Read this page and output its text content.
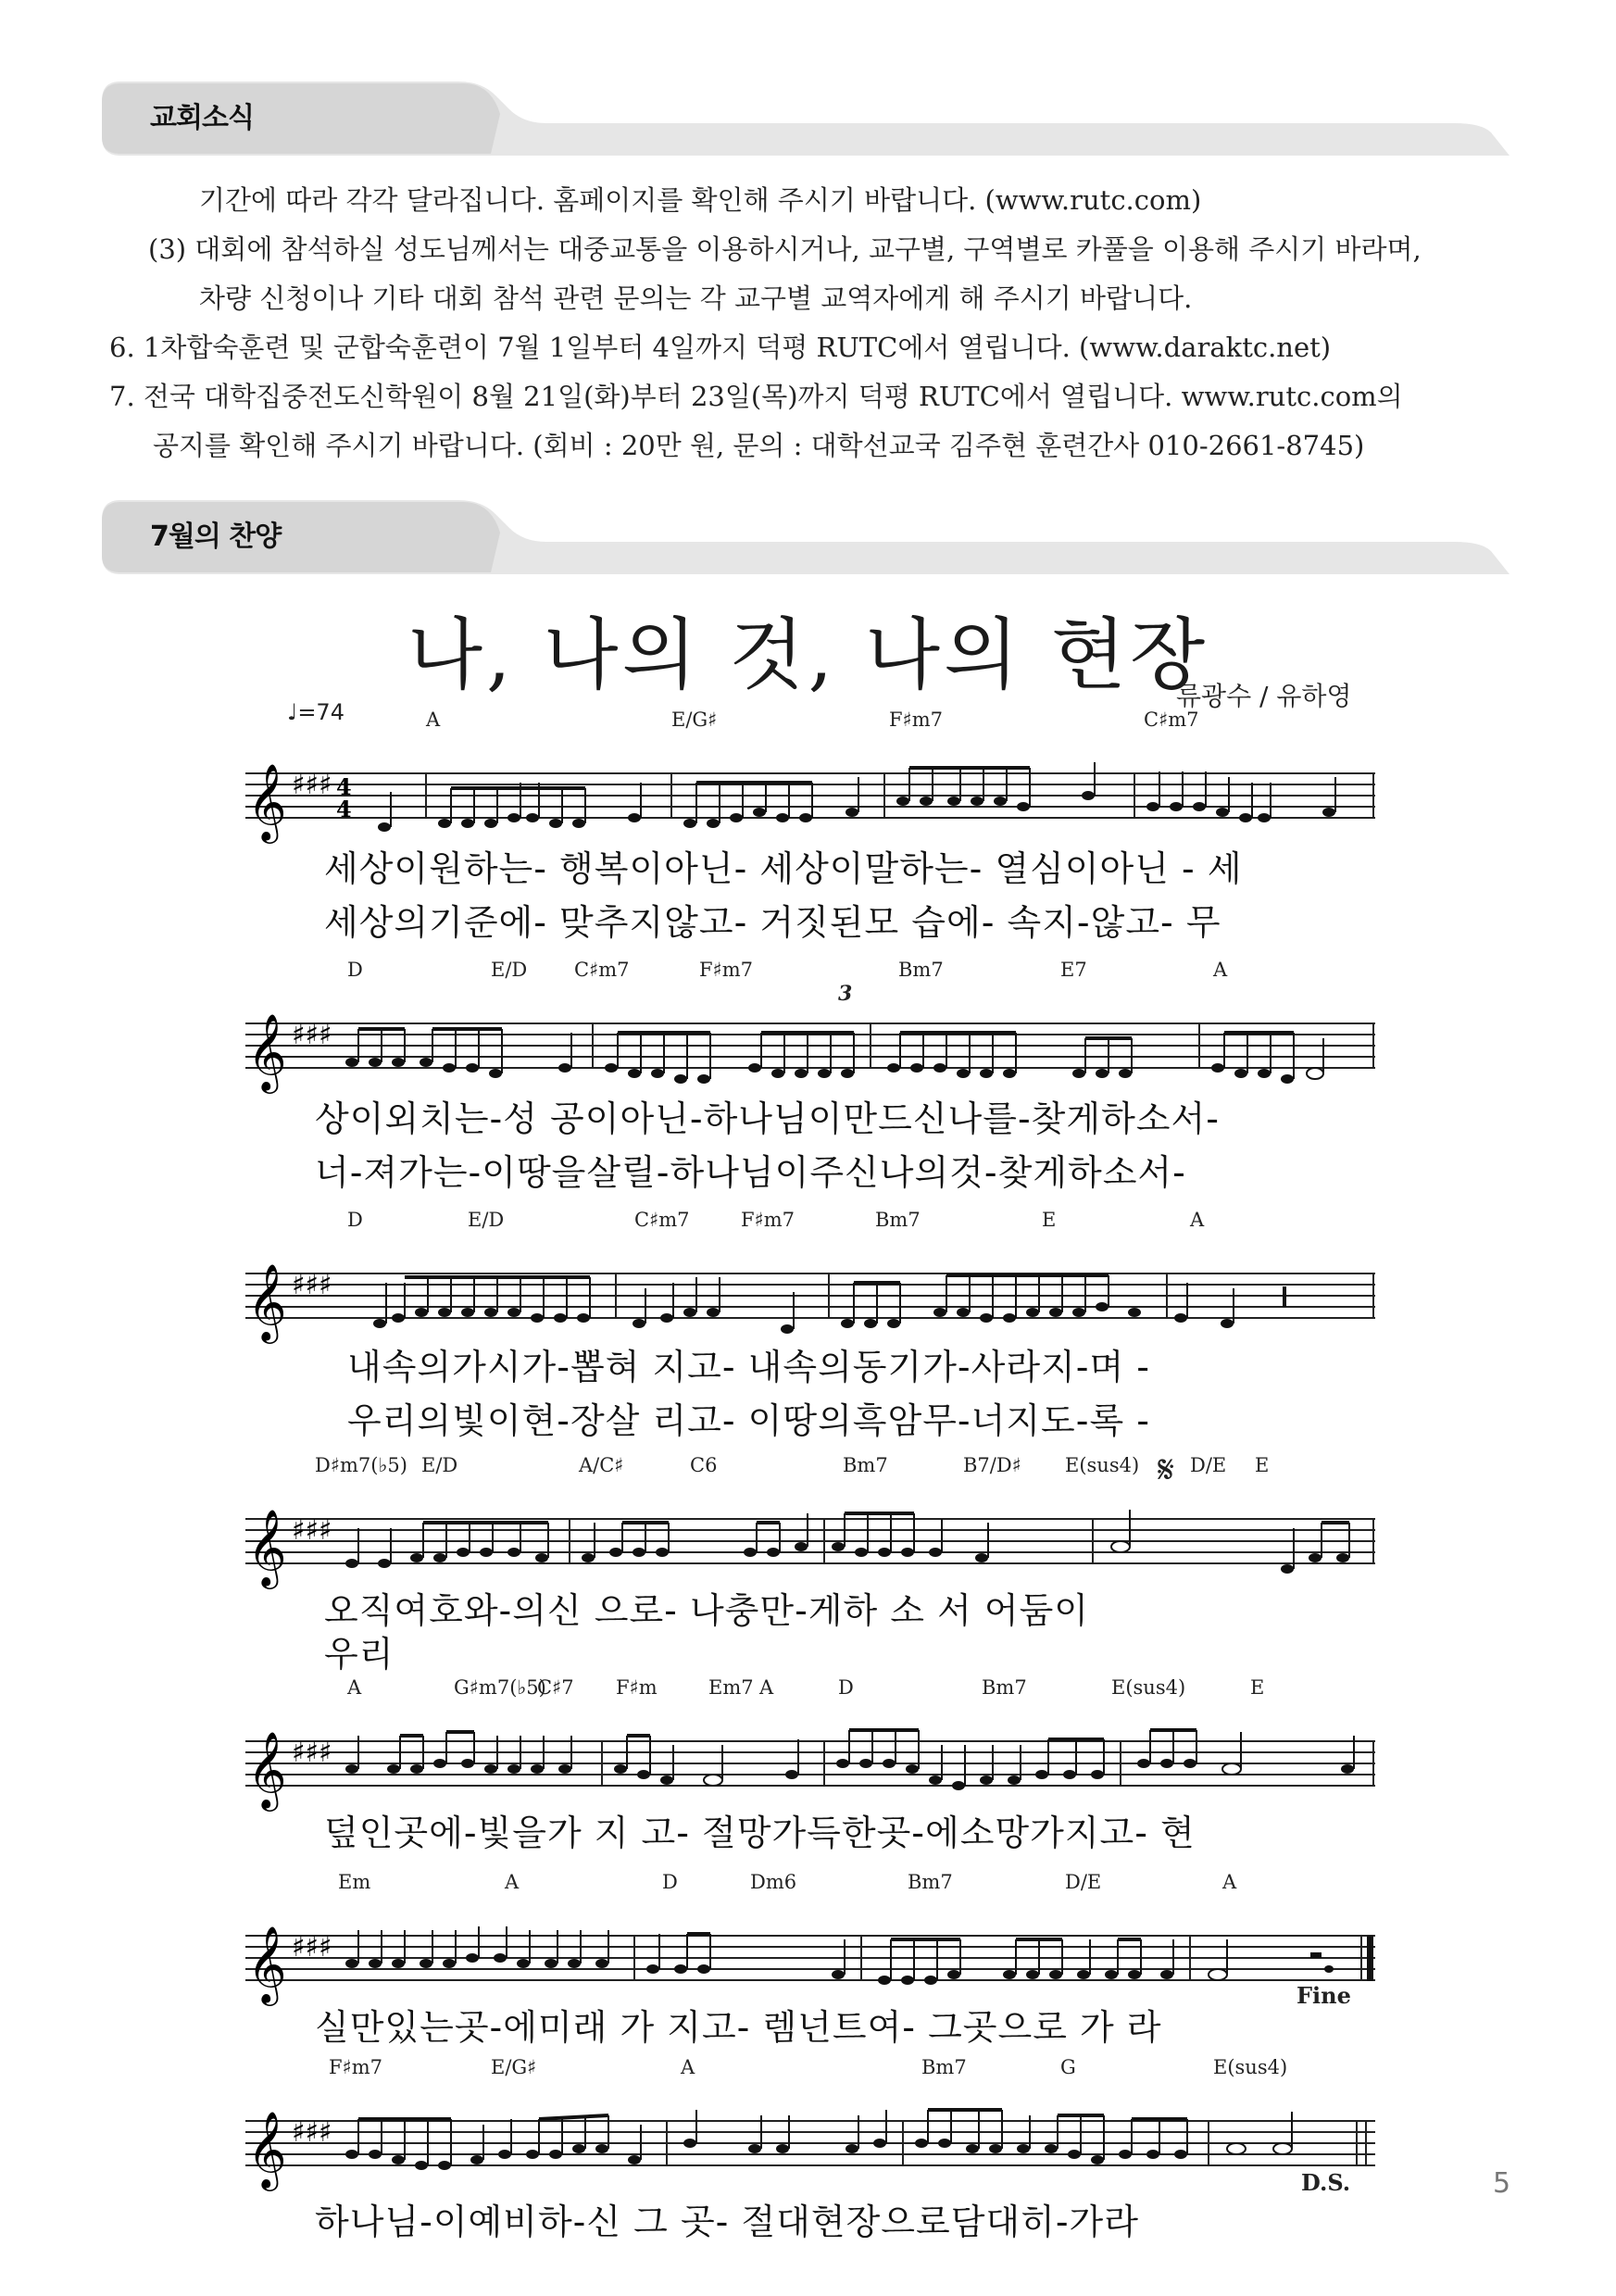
교회소식
기간에 따라 각각 달라집니다. 홈페이지를 확인해 주시기 바랍니다. (www.rutc.com)
(3) 대회에 참석하실 성도님께서는 대중교통을 이용하시거나, 교구별, 구역별로 카풀을 이용해 주시기 바라며,
차량 신청이나 기타 대회 참석 관련 문의는 각 교구별 교역자에게 해 주시기 바랍니다.
6. 1차합숙훈련 및 군합숙훈련이 7월 1일부터 4일까지 덕평 RUTC에서 열립니다. (www.daraktc.net)
7. 전국 대학집중전도신학원이 8월 21일(화)부터 23일(목)까지 덕평 RUTC에서 열립니다. www.rutc.com의
공지를 확인해 주시기 바랍니다. (회비 : 20만 원, 문의 : 대학선교국 김주현 훈련간사 010-2661-8745)
7월의 찬양
나, 나의 것, 나의 현장
류광수 / 유하영
♩=74	A	E/G♯	F♯m7	C♯m7
𝄞 ♯♯♯ 4
4
세상이원하는- 행복이아닌- 세상이말하는- 열심이아닌 - 세
세상의기준에- 맞추지않고- 거짓된모 습에- 속지-않고- 무
D	E/D C♯m7	F♯m7	Bm7	E7	A
3
𝄞 ♯♯♯
상이외치는-성 공이아닌-하나님이만드신나를-찾게하소서-
너-져가는-이땅을살릴-하나님이주신나의것-찾게하소서-
D	E/D	C♯m7	F♯m7	Bm7	E	A
𝄞 ♯♯♯
내속의가시가-뽑혀 지고- 내속의동기가-사라지-며 -
우리의빛이현-장살 리고- 이땅의흑암무-너지도-록 -
D♯m7(♭5) E/D	A/C♯	C6	Bm7	B7/D♯ E(sus4)	D/E E
𝄋
𝄞 ♯♯♯
오직여호와-의신 으로- 나충만-게하 소 서 어둠이
우리
A	G♯m7(♭5)
C♯7 F♯m	Em7 A	D	Bm7	E(sus4)	E
𝄞 ♯♯♯
덮인곳에-빛을가 지 고- 절망가득한곳-에소망가지고- 현
Em	A	D	Dm6	Bm7	D/E	A
𝄞 ♯♯♯
Fine
실만있는곳-에미래 가 지고- 렘넌트여- 그곳으로 가 라
F♯m7	E/G♯	A	Bm7	G	E(sus4)
𝄞 ♯♯♯
D.S.
하나님-이예비하-신 그 곳- 절대현장으로담대히-가라
5
